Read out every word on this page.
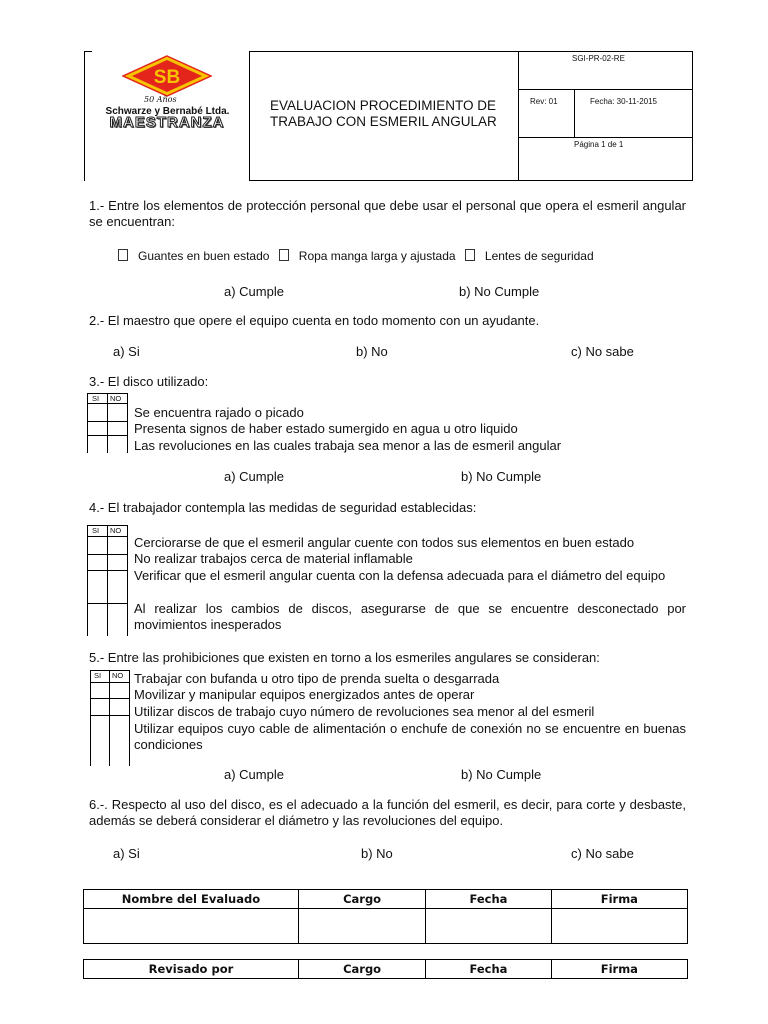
SB
50 Años
Schwarze y Bernabé Ltda.
MAESTRANZA
EVALUACION PROCEDIMIENTO DE
TRABAJO CON ESMERIL ANGULAR
SGI-PR-02-RE
Rev: 01	Fecha: 30-11-2015
Página 1 de 1
1.- Entre los elementos de protección personal que debe usar el personal que opera el esmeril angular se encuentran:
Guantes en buen estado Ropa manga larga y ajustada Lentes de seguridad
a) Cumple	b) No Cumple
2.- El maestro que opere el equipo cuenta en todo momento con un ayudante.
a) Si	b) No	c) No sabe
3.- El disco utilizado:
SI NO
Se encuentra rajado o picado
Presenta signos de haber estado sumergido en agua u otro liquido
Las revoluciones en las cuales trabaja sea menor a las de esmeril angular
a) Cumple	b) No Cumple
4.- El trabajador contempla las medidas de seguridad establecidas:
SI NO
Cerciorarse de que el esmeril angular cuente con todos sus elementos en buen estado
No realizar trabajos cerca de material inflamable
Verificar que el esmeril angular cuenta con la defensa adecuada para el diámetro del equipo
Al realizar los cambios de discos, asegurarse de que se encuentre desconectado por movimientos inesperados
5.- Entre las prohibiciones que existen en torno a los esmeriles angulares se consideran:
SI NO Trabajar con bufanda u otro tipo de prenda suelta o desgarrada
Movilizar y manipular equipos energizados antes de operar
Utilizar discos de trabajo cuyo número de revoluciones sea menor al del esmeril
Utilizar equipos cuyo cable de alimentación o enchufe de conexión no se encuentre en buenas condiciones
a) Cumple	b) No Cumple
6.-. Respecto al uso del disco, es el adecuado a la función del esmeril, es decir, para corte y desbaste, además se deberá considerar el diámetro y las revoluciones del equipo.
a) Si	b) No	c) No sabe
Nombre del Evaluado	Cargo	Fecha	Firma

Revisado por	Cargo	Fecha	Firma
